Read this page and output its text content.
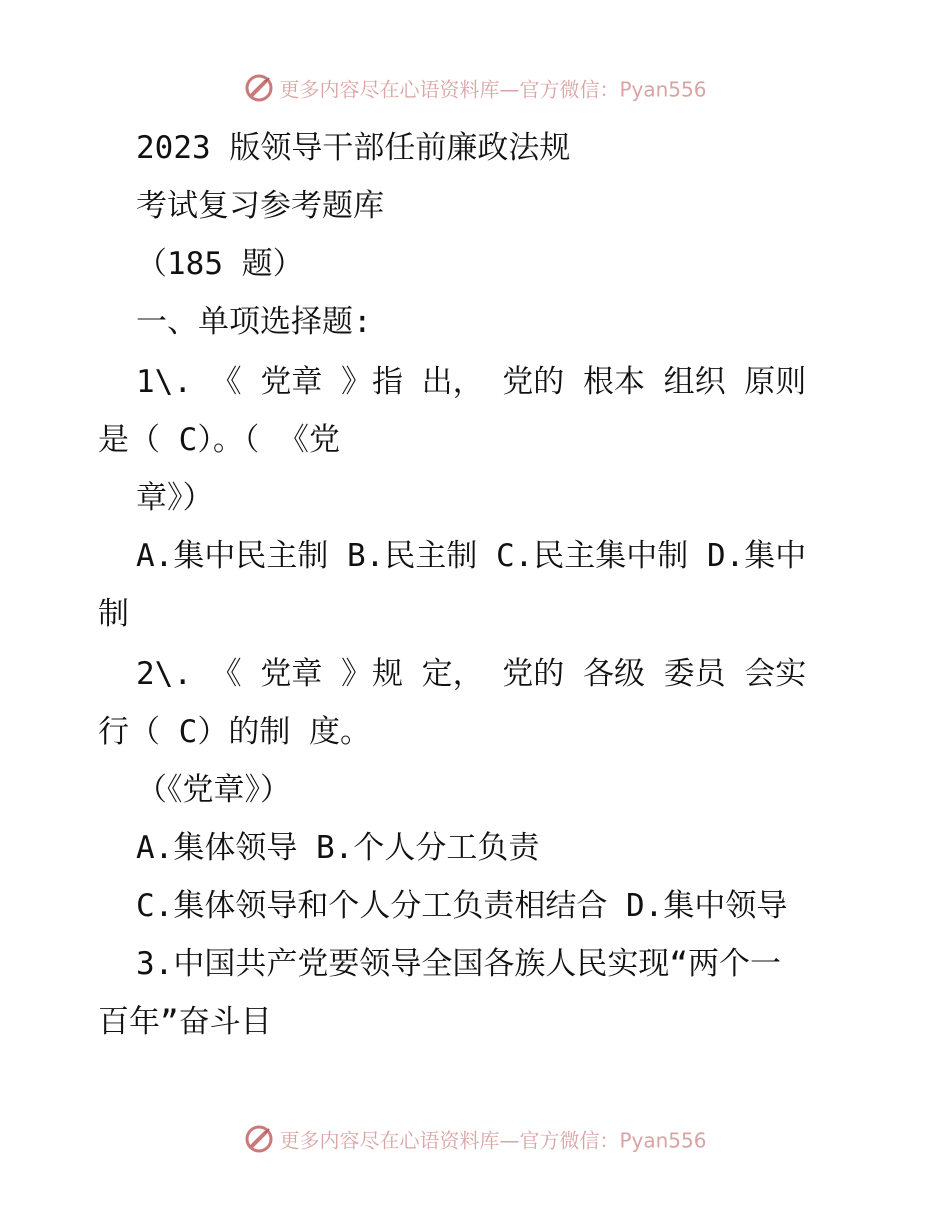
更多内容尽在心语资料库—官方微信：Pyan556
2023 版领导干部任前廉政法规
考试复习参考题库
（185 题）
一、单项选择题:
1\. 《 党章 》指 出， 党的 根本 组织 原则
是（ C）。（ 《党
章》）
A.集中民主制 B.民主制 C.民主集中制 D.集中
制
2\. 《 党章 》规 定， 党的 各级 委员 会实
行（ C）的制 度。
（《党章》）
A.集体领导 B.个人分工负责
C.集体领导和个人分工负责相结合 D.集中领导
3.中国共产党要领导全国各族人民实现“两个一
百年”奋斗目
更多内容尽在心语资料库—官方微信：Pyan556
